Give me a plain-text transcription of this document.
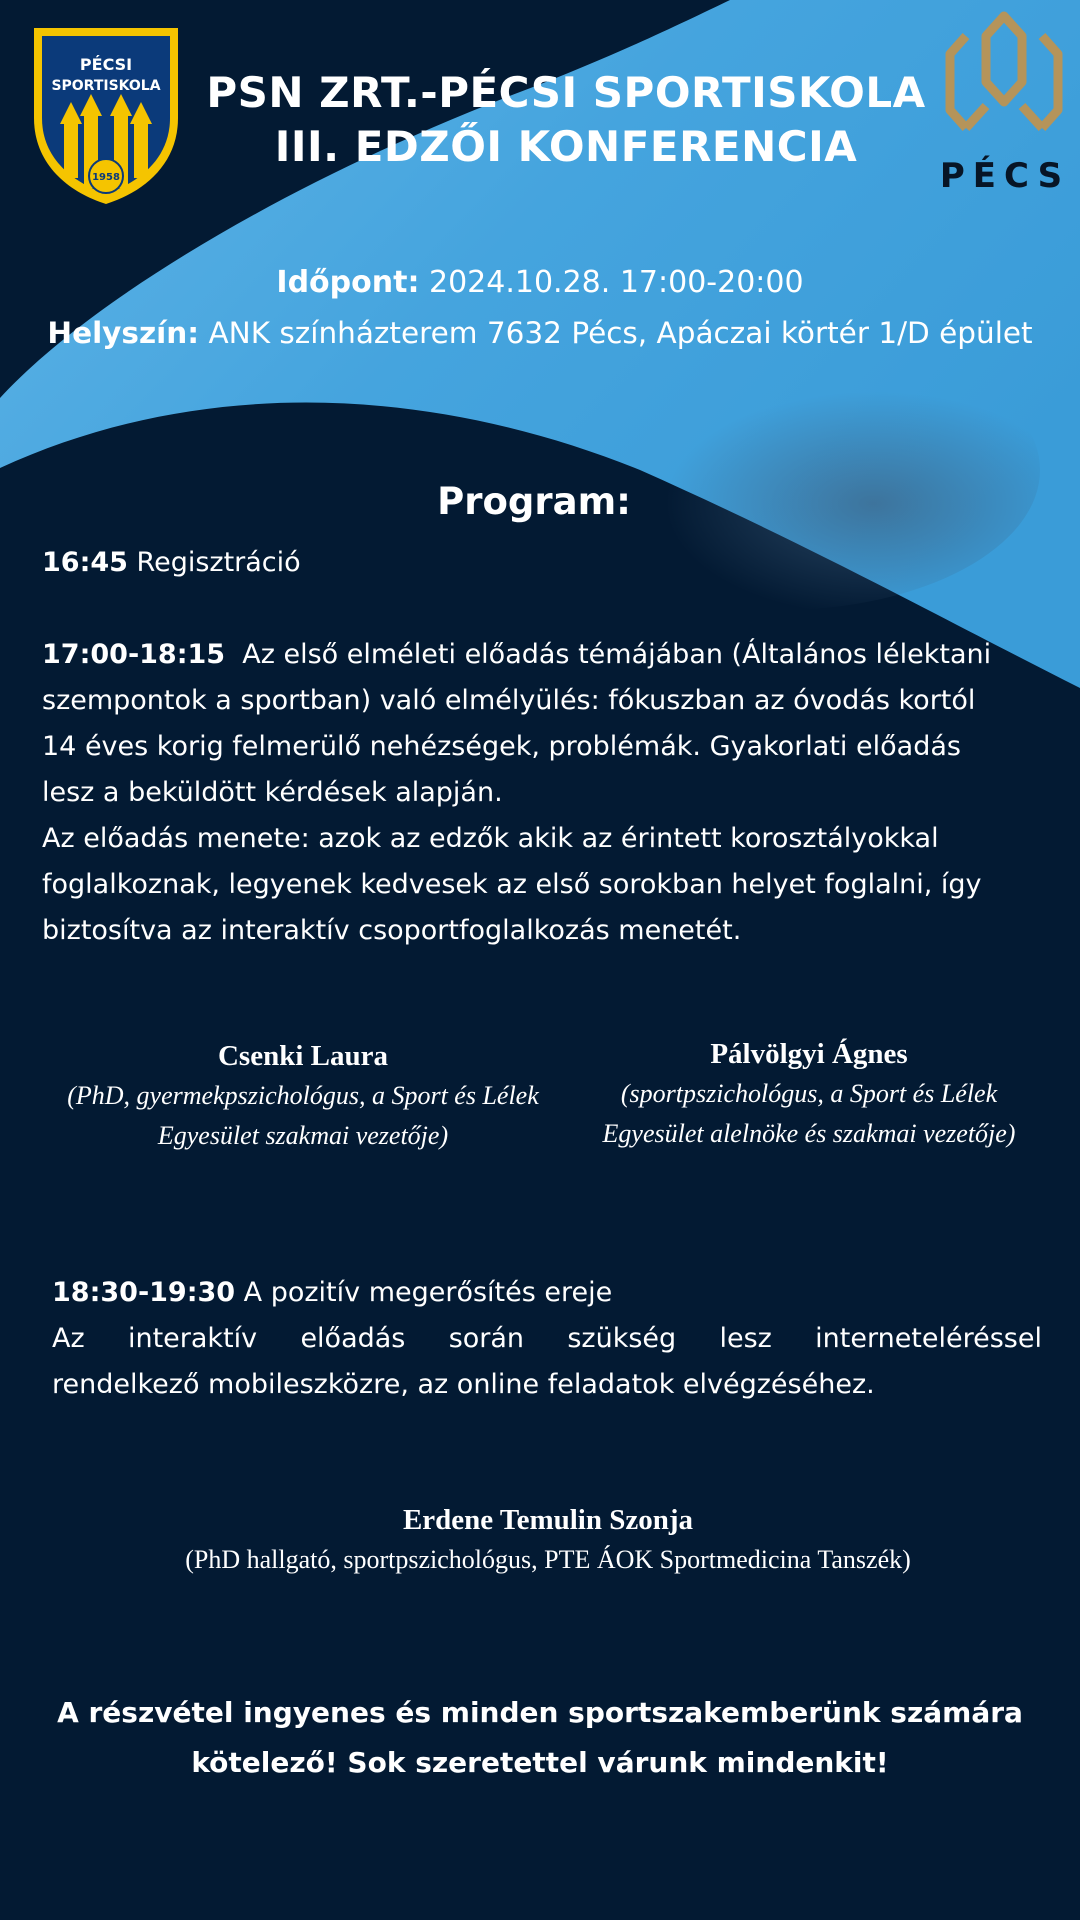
PÉCSI
SPORTISKOLA
1958	PÉCS
PSN ZRT.-PÉCSI SPORTISKOLA
III. EDZŐI KONFERENCIA
Időpont: 2024.10.28. 17:00-20:00
Helyszín: ANK színházterem 7632 Pécs, Apáczai körtér 1/D épület
Program:
16:45 Regisztráció
17:00-18:15  Az első elméleti előadás témájában (Általános lélektani
szempontok a sportban) való elmélyülés: fókuszban az óvodás kortól
14 éves korig felmerülő nehézségek, problémák. Gyakorlati előadás
lesz a beküldött kérdések alapján.
Az előadás menete: azok az edzők akik az érintett korosztályokkal
foglalkoznak, legyenek kedvesek az első sorokban helyet foglalni, így
biztosítva az interaktív csoportfoglalkozás menetét.
Csenki Laura
(PhD, gyermekpszichológus, a Sport és Lélek
Egyesület szakmai vezetője)
Pálvölgyi Ágnes
(sportpszichológus, a Sport és Lélek
Egyesület alelnöke és szakmai vezetője)
18:30-19:30 A pozitív megerősítés ereje
Az interaktív előadás során szükség lesz interneteléréssel
rendelkező mobileszközre, az online feladatok elvégzéséhez.
Erdene Temulin Szonja
(PhD hallgató, sportpszichológus, PTE ÁOK Sportmedicina Tanszék)
A részvétel ingyenes és minden sportszakemberünk számára
kötelező! Sok szeretettel várunk mindenkit!
